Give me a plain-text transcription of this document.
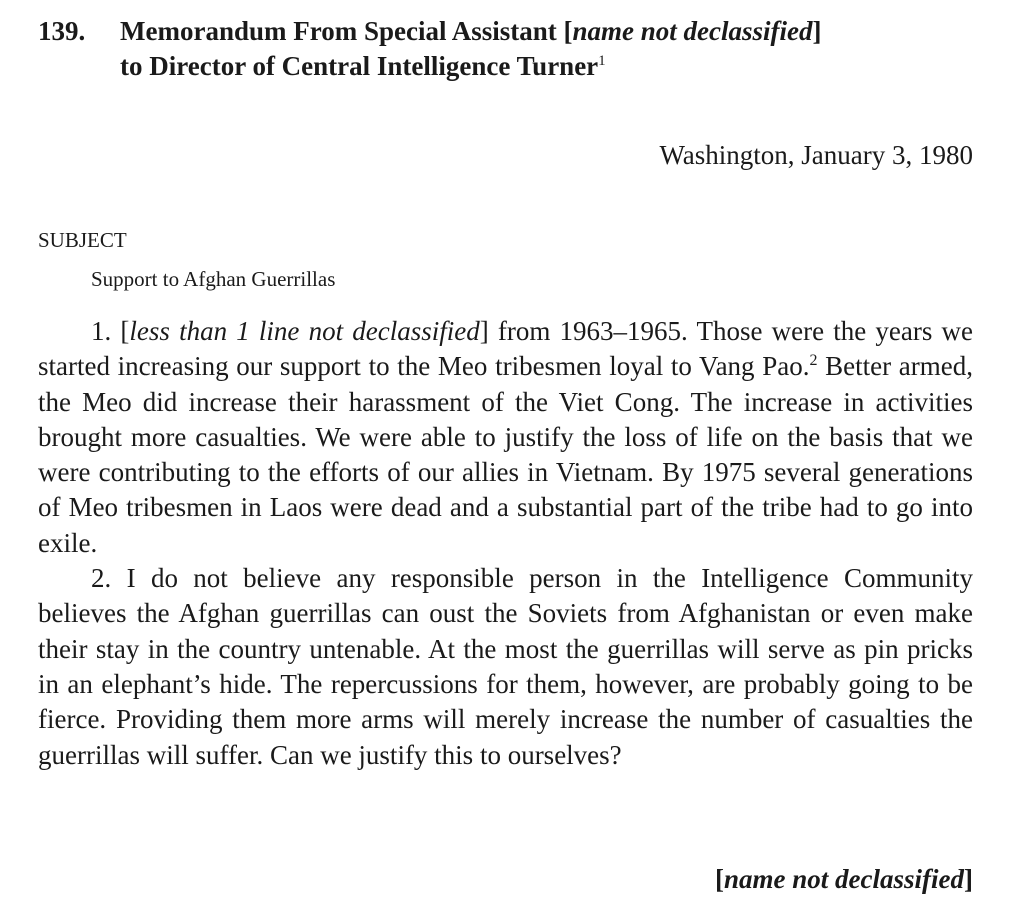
139. Memorandum From Special Assistant [name not declassified]
to Director of Central Intelligence Turner$^1$
Washington, January 3, 1980
SUBJECT
Support to Afghan Guerrillas

1. [less than 1 line not declassified] from 1963–1965. Those were the years we started increasing our support to the Meo tribesmen loyal to Vang Pao.$^2$ Better armed, the Meo did increase their harassment of the Viet Cong. The increase in activities brought more casualties. We were able to justify the loss of life on the basis that we were contributing to the efforts of our allies in Vietnam. By 1975 several generations of Meo tribesmen in Laos were dead and a substantial part of the tribe had to go into exile.

2. I do not believe any responsible person in the Intelligence Community believes the Afghan guerrillas can oust the Soviets from Afghanistan or even make their stay in the country untenable. At the most the guerrillas will serve as pin pricks in an elephant’s hide. The repercussions for them, however, are probably going to be fierce. Providing them more arms will merely increase the number of casualties the guerrillas will suffer. Can we justify this to ourselves?

[name not declassified]
